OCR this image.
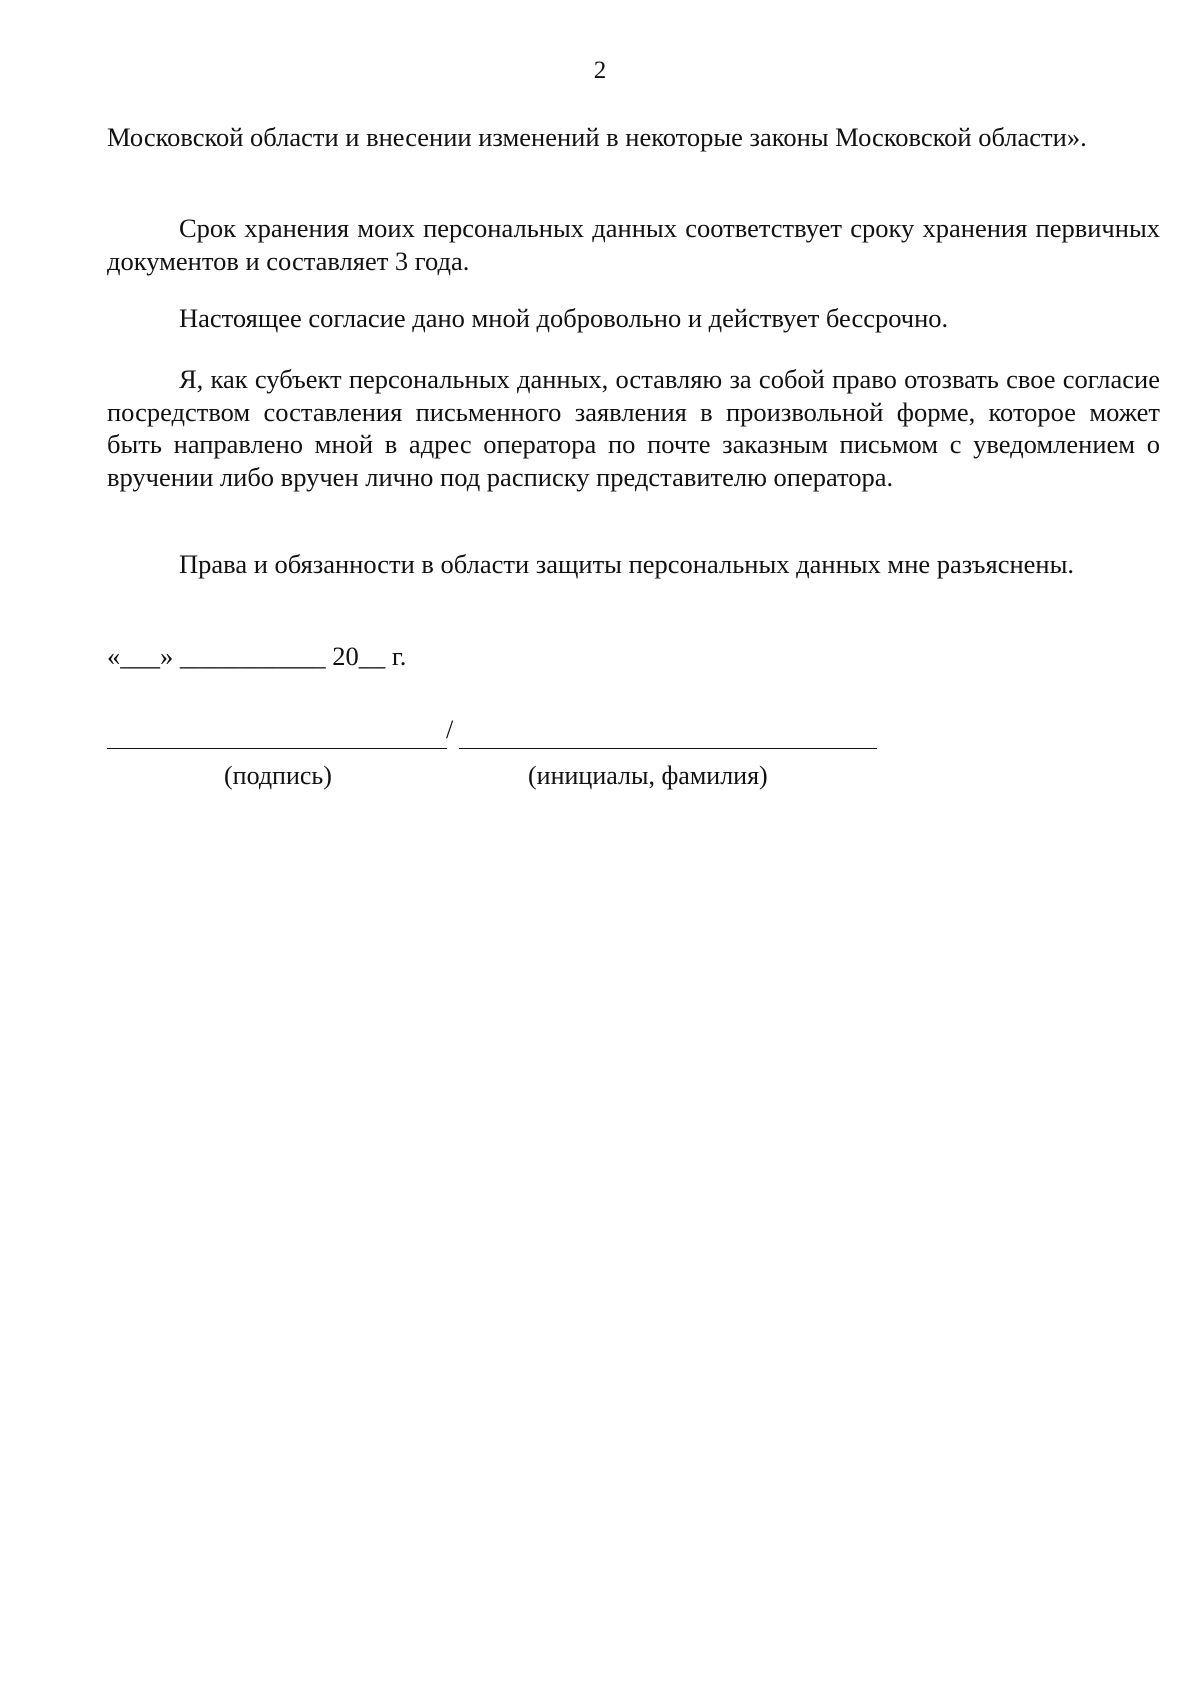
2

Московской области и внесении изменений в некоторые законы Московской области».

Срок хранения моих персональных данных соответствует сроку хранения первичных документов и составляет 3 года.

Настоящее согласие дано мной добровольно и действует бессрочно.

Я, как субъект персональных данных, оставляю за собой право отозвать свое согласие посредством составления письменного заявления в произвольной форме, которое может быть направлено мной в адрес оператора по почте заказным письмом с уведомлением о вручении либо вручен лично под расписку представителю оператора.

Права и обязанности в области защиты персональных данных мне разъяснены.

«___» ___________ 20__ г.
/
(подпись)	(инициалы, фамилия)
